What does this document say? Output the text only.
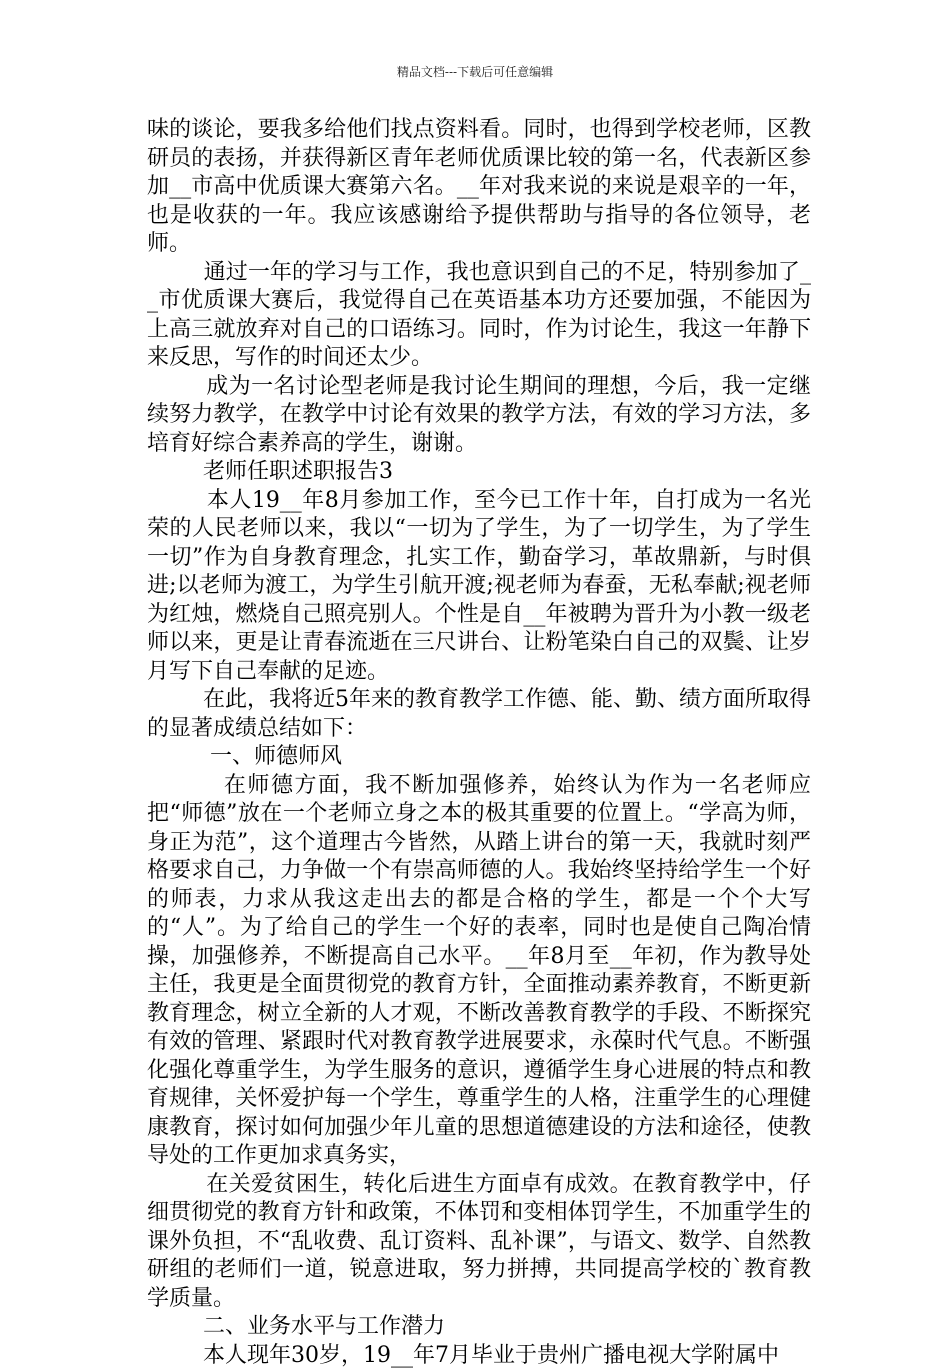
精品文档---下载后可任意编辑

味的谈论，要我多给他们找点资料看。同时，也得到学校老师，区教研员的表扬，并获得新区青年老师优质课比较的第一名，代表新区参加__市高中优质课大赛第六名。__年对我来说的来说是艰辛的一年，也是收获的一年。我应该感谢给予提供帮助与指导的各位领导，老师。

通过一年的学习与工作，我也意识到自己的不足，特别参加了__市优质课大赛后，我觉得自己在英语基本功方还要加强，不能因为上高三就放弃对自己的口语练习。同时，作为讨论生，我这一年静下来反思，写作的时间还太少。

成为一名讨论型老师是我讨论生期间的理想，今后，我一定继续努力教学，在教学中讨论有效果的教学方法，有效的学习方法，多培育好综合素养高的学生，谢谢。

老师任职述职报告3

本人19__年8月参加工作，至今已工作十年，自打成为一名光荣的人民老师以来，我以“一切为了学生，为了一切学生，为了学生一切”作为自身教育理念，扎实工作，勤奋学习，革故鼎新，与时俱进;以老师为渡工，为学生引航开渡;视老师为春蚕，无私奉献;视老师为红烛，燃烧自己照亮别人。个性是自__年被聘为晋升为小教一级老师以来，更是让青春流逝在三尺讲台、让粉笔染白自己的双鬓、让岁月写下自己奉献的足迹。

在此，我将近5年来的教育教学工作德、能、勤、绩方面所取得的显著成绩总结如下：

一、师德师风

在师德方面，我不断加强修养，始终认为作为一名老师应把“师德”放在一个老师立身之本的极其重要的位置上。“学高为师，身正为范”，这个道理古今皆然，从踏上讲台的第一天，我就时刻严格要求自己，力争做一个有崇高师德的人。我始终坚持给学生一个好的师表，力求从我这走出去的都是合格的学生，都是一个个大写的“人”。为了给自己的学生一个好的表率，同时也是使自己陶冶情操，加强修养，不断提高自己水平。__年8月至__年初，作为教导处主任，我更是全面贯彻党的教育方针，全面推动素养教育，不断更新教育理念，树立全新的人才观，不断改善教育教学的手段、不断探究有效的管理、紧跟时代对教育教学进展要求，永葆时代气息。不断强化强化尊重学生，为学生服务的意识，遵循学生身心进展的特点和教育规律，关怀爱护每一个学生，尊重学生的人格，注重学生的心理健康教育，探讨如何加强少年儿童的思想道德建设的方法和途径，使教导处的工作更加求真务实，

在关爱贫困生，转化后进生方面卓有成效。在教育教学中，仔细贯彻党的教育方针和政策，不体罚和变相体罚学生，不加重学生的课外负担，不“乱收费、乱订资料、乱补课”，与语文、数学、自然教研组的老师们一道，锐意进取，努力拼搏，共同提高学校的`教育教学质量。

二、业务水平与工作潜力

本人现年30岁，19__年7月毕业于贵州广播电视大学附属中
